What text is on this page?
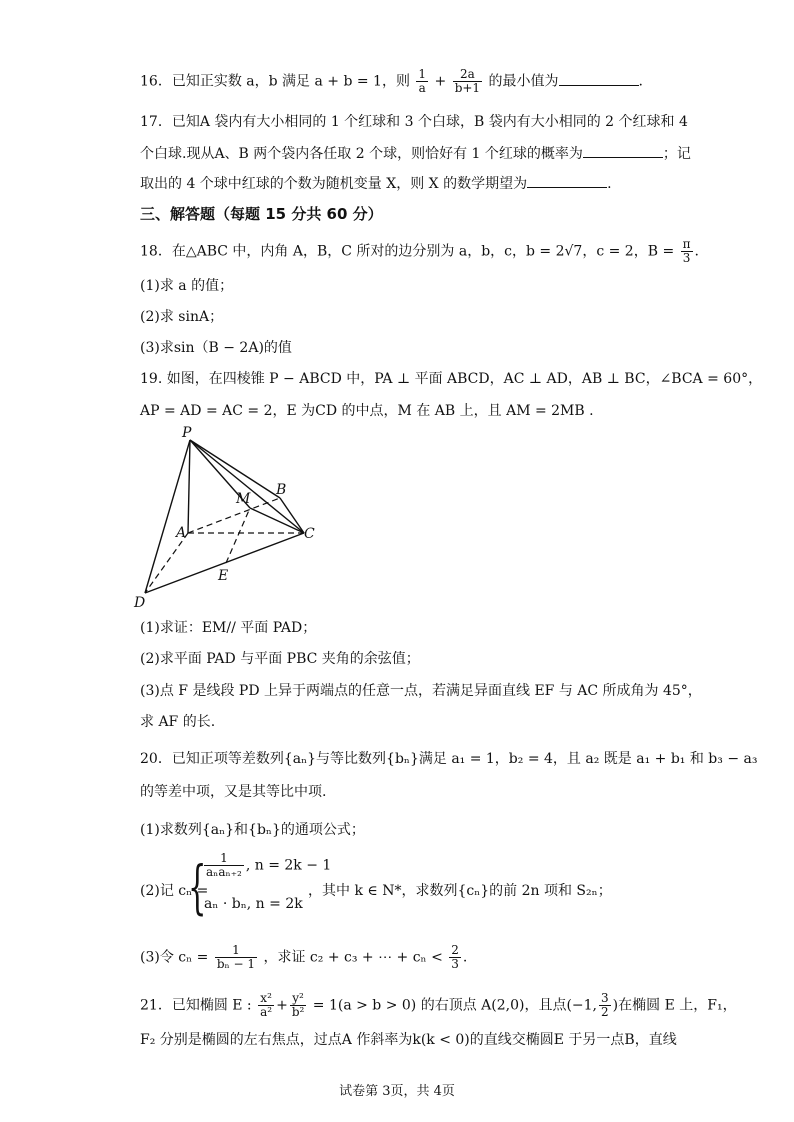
16．已知正实数 a，b 满足 a + b = 1，则 $\frac{1}{a} + \frac{2a}{b+1}$ 的最小值为	.
17．已知A 袋内有大小相同的 1 个红球和 3 个白球，B 袋内有大小相同的 2 个红球和 4
个白球.现从A、B 两个袋内各任取 2 个球，则恰好有 1 个红球的概率为	；记
取出的 4 个球中红球的个数为随机变量 X，则 X 的数学期望为	.
三、解答题（每题 15 分共 60 分）
18．在△ABC 中，内角 A，B，C 所对的边分别为 a，b，c，b = 2√7，c = 2，$B = \frac{\pi}{3}$ .
(1)求 a 的值；
(2)求 sinA；
(3)求sin（B − 2A)的值
19. 如图，在四棱锥 P − ABCD 中，PA ⊥ 平面 ABCD，AC ⊥ AD，AB ⊥ BC，∠BCA = 60°，
AP = AD = AC = 2，E 为CD 的中点，M 在 AB 上，且 AM = 2MB .
P
B
M
A	C
E
D
(1)求证：EM// 平面 PAD；
(2)求平面 PAD 与平面 PBC 夹角的余弦值；
(3)点 F 是线段 PD 上异于两端点的任意一点，若满足异面直线 EF 与 AC 所成角为 45°，
求 AF 的长.
20．已知正项等差数列{aₙ}与等比数列{bₙ}满足 a₁ = 1，b₂ = 4，且 a₂ 既是 a₁ + b₁ 和 b₃ − a₃
的等差中项，又是其等比中项.
(1)求数列{aₙ}和{bₙ}的通项公式；
(2)记 cₙ =
{
$\frac{1}{\text{aₙaₙ₊₂}}$ , n = 2k − 1
aₙ · bₙ, n = 2k
，其中 k ∈ N*，求数列{cₙ}的前 2n 项和 S₂ₙ；
(3)令 $c_n = \frac{1}{\text{bₙ − 1}}$ ，求证 c₂ + c₃ + ⋯ + $c_n < \frac{2}{3}$ .
21．已知椭圆 E : $\frac{\text{x²}}{\text{a²}} + \frac{\text{y²}}{\text{b²}} = 1(a > b > 0)$ 的右顶点 A(2,0)，且点(−1, $\frac{3}{2}$ )在椭圆 E 上，F₁，
F₂ 分别是椭圆的左右焦点，过点A 作斜率为k(k < 0)的直线交椭圆E 于另一点B，直线
试卷第 3页，共 4页
